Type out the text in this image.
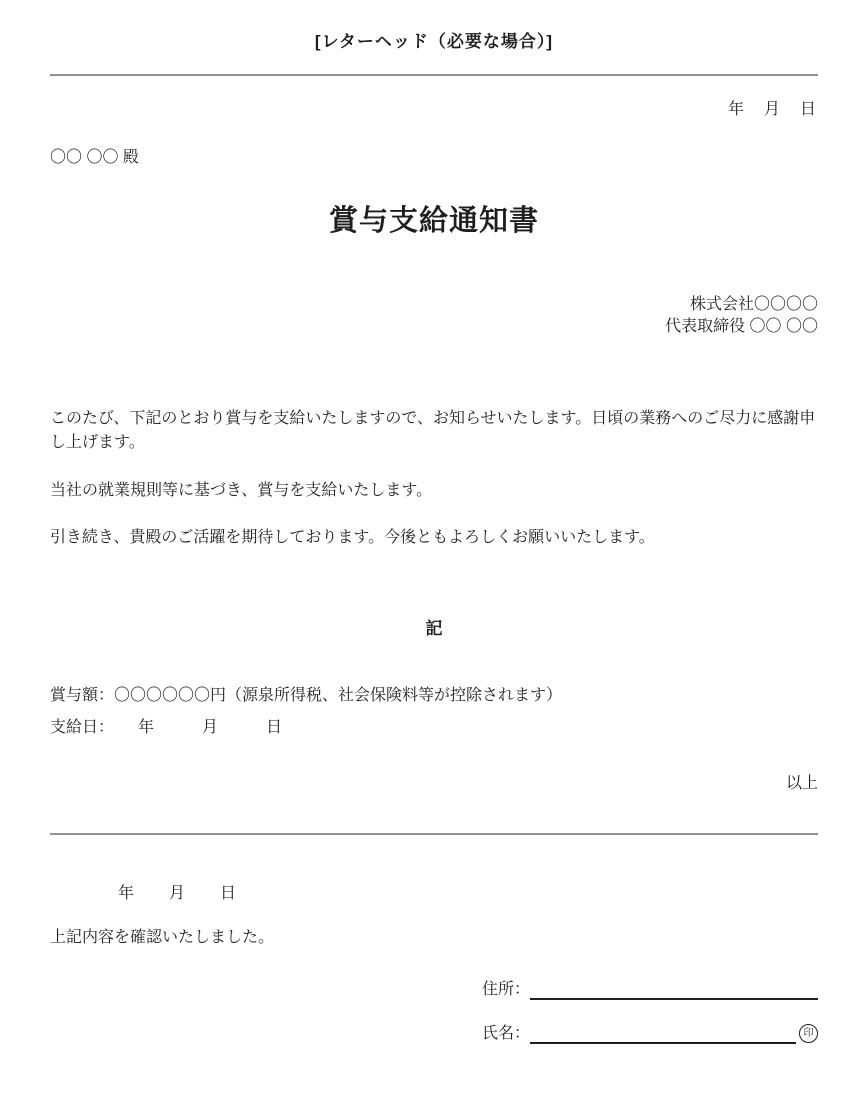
[レターヘッド（必要な場合）]
年　月　日
〇〇 〇〇 殿
賞与支給通知書
株式会社〇〇〇〇
代表取締役 〇〇 〇〇
このたび、下記のとおり賞与を支給いたしますので、お知らせいたします。日頃の業務へのご尽力に感謝申し上げます。
当社の就業規則等に基づき、賞与を支給いたします。
引き続き、貴殿のご活躍を期待しております。今後ともよろしくお願いいたします。
記
賞与額：〇〇〇〇〇〇円（源泉所得税、社会保険料等が控除されます）
支給日：　　年　　　月　　　日
以上
年　　月　　日
上記内容を確認いたしました。
住所：
氏名：	印
